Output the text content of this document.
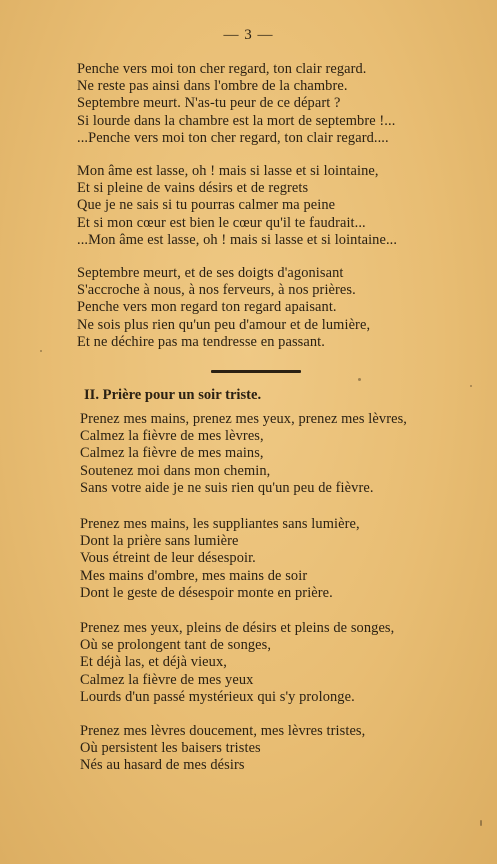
— 3 —
Penche vers moi ton cher regard, ton clair regard.
Ne reste pas ainsi dans l'ombre de la chambre.
Septembre meurt. N'as-tu peur de ce départ ?
Si lourde dans la chambre est la mort de septembre !...
...Penche vers moi ton cher regard, ton clair regard....
Mon âme est lasse, oh ! mais si lasse et si lointaine,
Et si pleine de vains désirs et de regrets
Que je ne sais si tu pourras calmer ma peine
Et si mon cœur est bien le cœur qu'il te faudrait...
...Mon âme est lasse, oh ! mais si lasse et si lointaine...
Septembre meurt, et de ses doigts d'agonisant
S'accroche à nous, à nos ferveurs, à nos prières.
Penche vers mon regard ton regard apaisant.
Ne sois plus rien qu'un peu d'amour et de lumière,
Et ne déchire pas ma tendresse en passant.
II. Prière pour un soir triste.
Prenez mes mains, prenez mes yeux, prenez mes lèvres,
Calmez la fièvre de mes lèvres,
Calmez la fièvre de mes mains,
Soutenez moi dans mon chemin,
Sans votre aide je ne suis rien qu'un peu de fièvre.
Prenez mes mains, les suppliantes sans lumière,
Dont la prière sans lumière
Vous étreint de leur désespoir.
Mes mains d'ombre, mes mains de soir
Dont le geste de désespoir monte en prière.
Prenez mes yeux, pleins de désirs et pleins de songes,
Où se prolongent tant de songes,
Et déjà las, et déjà vieux,
Calmez la fièvre de mes yeux
Lourds d'un passé mystérieux qui s'y prolonge.
Prenez mes lèvres doucement, mes lèvres tristes,
Où persistent les baisers tristes
Nés au hasard de mes désirs
